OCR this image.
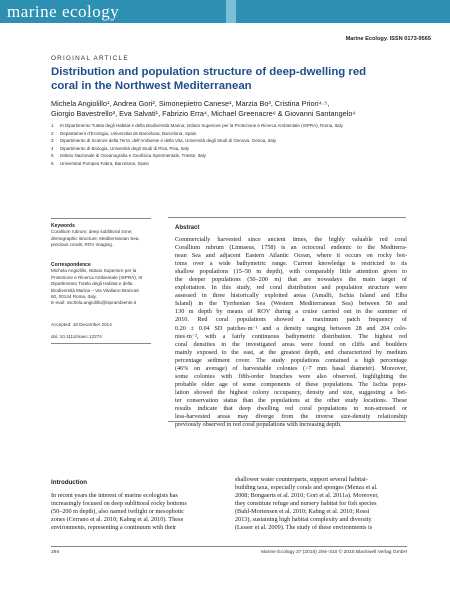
marine ecology
Marine Ecology. ISSN 0173-9565
ORIGINAL ARTICLE
Distribution and population structure of deep-dwelling red
coral in the Northwest Mediterranean
Michela Angiolillo¹, Andrea Gori², Simonepietro Canese¹, Marzia Bo³, Cristina Priori⁴·⁵,
Giorgio Bavestrello³, Eva Salvati¹, Fabrizio Erra⁴, Michael Greenacre⁶ & Giovanni Santangelo⁴
1 III Dipartimento Tutela degli Habitat e della Biodiversità Marina; Istituto Superiore per la Protezione e Ricerca Ambientale (ISPRA), Roma, Italy
2 Departament d’Ecologia, Universitat de Barcelona, Barcelona, Spain
3 Dipartimento di Scienze della Terra, dell’Ambiente e della Vita, Università degli Studi di Genova, Genoa, Italy
4 Dipartimento di Biologia, Università degli Studi di Pisa, Pisa, Italy
5 Istituto Nazionale di Oceanografia e Geofisica Sperimentale, Trieste, Italy
6 Universitat Pompeu Fabra, Barcelona, Spain
Keywords
Corallium rubrum; deep sublittoral zone;
demographic structure; Mediterranean Sea;
precious corals; ROV imaging.
Correspondence
Michela Angiolillo, Istituto Superiore per la
Protezione e Ricerca Ambientale (ISPRA), III
Dipartimento Tutela degli Habitat e della
Biodiversità Marina – Via Vitaliano Brancati
60, 00144 Roma, Italy.
E-mail: michela.angiolillo@isprambiente.it
Accepted: 18 December 2014
doi: 10.1111/maec.12274
Abstract
Commercially harvested since ancient times, the highly valuable red coral
Corallium rubrum (Linnaeus, 1758) is an octocoral endemic to the Mediterra-
nean Sea and adjacent Eastern Atlantic Ocean, where it occurs on rocky bot-
toms over a wide bathymetric range. Current knowledge is restricted to its
shallow populations (15–50 m depth), with comparably little attention given to
the deeper populations (50–200 m) that are nowadays the main target of
exploitation. In this study, red coral distribution and population structure were
assessed in three historically exploited areas (Amalfi, Ischia Island and Elba
Island) in the Tyrrhenian Sea (Western Mediterranean Sea) between 50 and
130 m depth by means of ROV during a cruise carried out in the summer of
2010. Red coral populations showed a maximum patch frequency of
0.20 ± 0.04 SD patches·m⁻¹ and a density ranging between 28 and 204 colo-
nies·m⁻², with a fairly continuous bathymetric distribution. The highest red
coral densities in the investigated areas were found on cliffs and boulders
mainly exposed to the east, at the greatest depth, and characterized by medium
percentage sediment cover. The study populations contained a high percentage
(46% on average) of harvestable colonies (>7 mm basal diameter). Moreover,
some colonies with fifth-order branches were also observed, highlighting the
probable older age of some components of these populations. The Ischia popu-
lation showed the highest colony occupancy, density and size, suggesting a bet-
ter conservation status than the populations at the other study locations. These
results indicate that deep dwelling red coral populations in non-stressed or
less-harvested areas may diverge from the inverse size-density relationship
previously observed in red coral populations with increasing depth.
Introduction
In recent years the interest of marine ecologists has
increasingly focused on deep sublittoral rocky bottoms
(50–200 m depth), also named twilight or mesophotic
zones (Cerrano et al. 2010; Kahng et al. 2010). These
environments, representing a continuum with their
shallower water counterparts, support several habitat-
building taxa, especially corals and sponges (Menza et al.
2008; Bongaerts et al. 2010; Gori et al. 2011a). Moreover,
they constitute refuge and nursery habitat for fish species
(Buhl-Mortensen et al. 2010; Kahng et al. 2010; Rossi
2013), sustaining high habitat complexity and diversity
(Lesser et al. 2009). The study of these environments is
294	Marine Ecology 37 (2016) 294–310 © 2015 Blackwell Verlag GmbH
